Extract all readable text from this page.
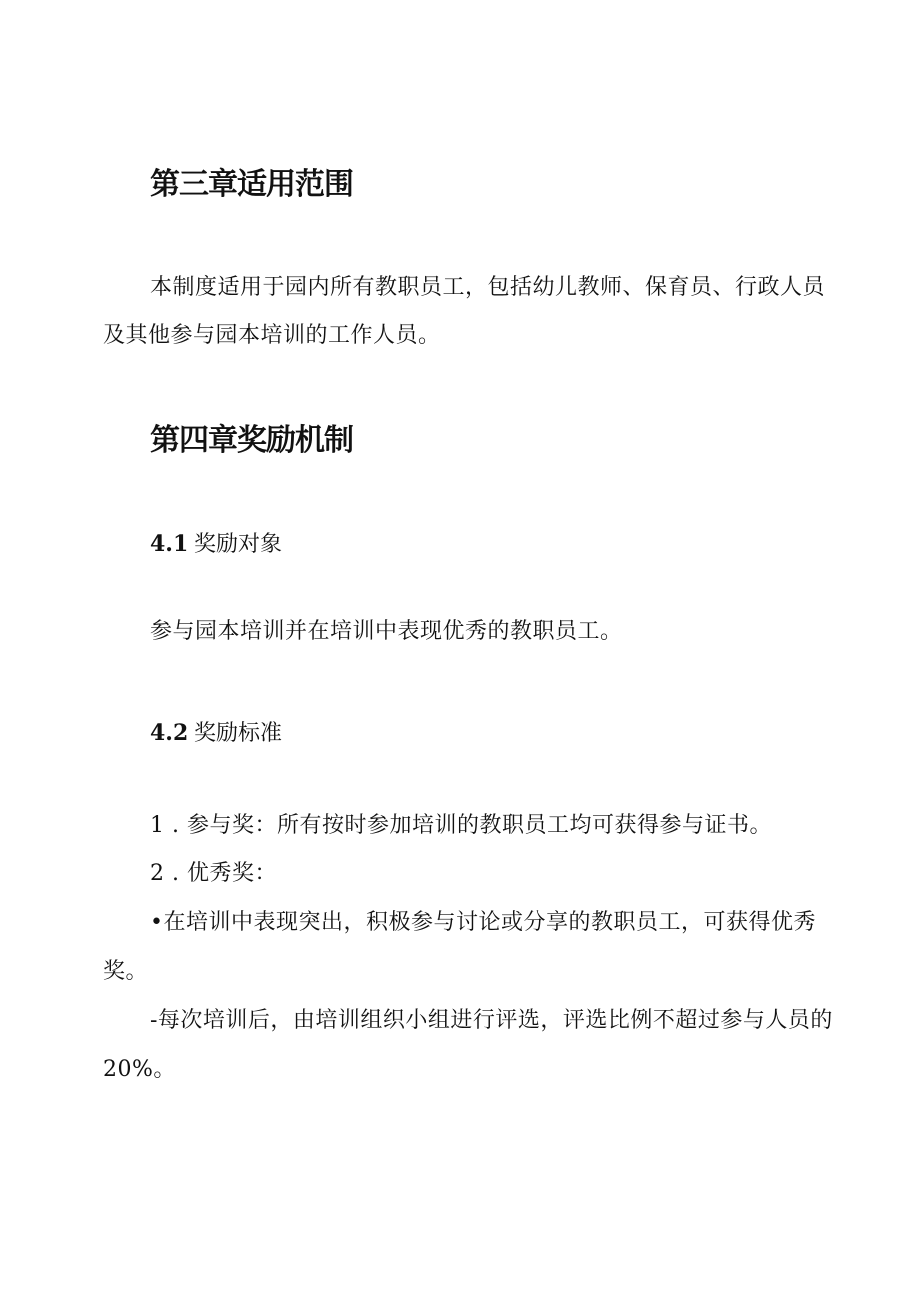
第三章适用范围
本制度适用于园内所有教职员工，包括幼儿教师、保育员、行政人员
及其他参与园本培训的工作人员。
第四章奖励机制
4.1 奖励对象
参与园本培训并在培训中表现优秀的教职员工。
4.2 奖励标准
1 . 参与奖：所有按时参加培训的教职员工均可获得参与证书。
2 . 优秀奖：
•在培训中表现突出，积极参与讨论或分享的教职员工，可获得优秀
奖。
-每次培训后，由培训组织小组进行评选，评选比例不超过参与人员的
20%。
